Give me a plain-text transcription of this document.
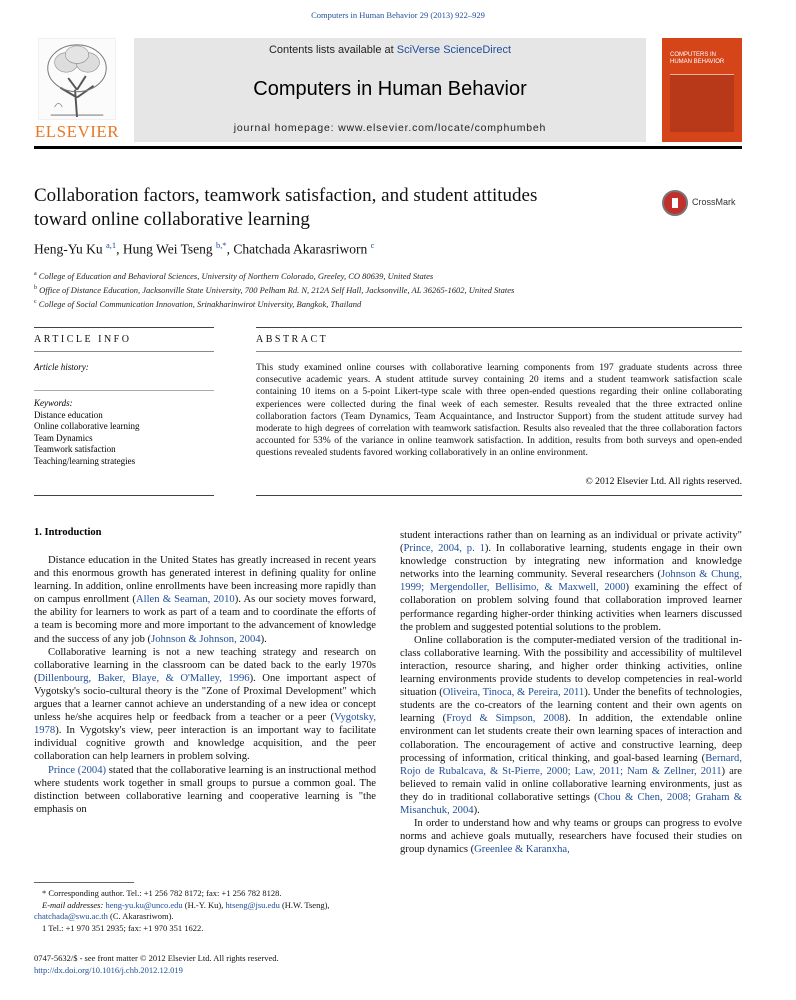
Computers in Human Behavior 29 (2013) 922–929
ELSEVIER
Contents lists available at SciVerse ScienceDirect
Computers in Human Behavior
journal homepage: www.elsevier.com/locate/comphumbeh
COMPUTERS IN
HUMAN BEHAVIOR
Collaboration factors, teamwork satisfaction, and student attitudes
toward online collaborative learning
CrossMark
Heng-Yu Ku $^{a,1}$, Hung Wei Tseng $^{b,*}$, Chatchada Akarasriworn $^c$
$^a$ College of Education and Behavioral Sciences, University of Northern Colorado, Greeley, CO 80639, United States
$^b$ Office of Distance Education, Jacksonville State University, 700 Pelham Rd. N, 212A Self Hall, Jacksonville, AL 36265-1602, United States
$^c$ College of Social Communication Innovation, Srinakharinwirot University, Bangkok, Thailand
ARTICLE INFO	ABSTRACT
Article history:
Keywords:
Distance education
Online collaborative learning
Team Dynamics
Teamwork satisfaction
Teaching/learning strategies
This study examined online courses with collaborative learning components from 197 graduate students across three consecutive academic years. A student attitude survey containing 20 items and a student teamwork satisfaction scale containing 10 items on a 5-point Likert-type scale with three open-ended questions regarding their online collaborating experiences were collected during the final week of each semester. Results revealed that the three extracted online collaboration factors (Team Dynamics, Team Acquaintance, and Instructor Support) from the student attitude survey had moderate to high degrees of correlation with teamwork satisfaction. Results also revealed that the three collaboration factors accounted for 53% of the variance in online teamwork satisfaction. In addition, results from both surveys and open-ended questions revealed students favored working collaboratively in an online environment.
© 2012 Elsevier Ltd. All rights reserved.
1. Introduction

Distance education in the United States has greatly increased in recent years and this enormous growth has generated interest in defining quality for online learning. In addition, online enrollments have been increasing more rapidly than on campus enrollment (Allen & Seaman, 2010). As our society moves forward, the ability for learners to work as part of a team and to coordinate the efforts of a team is becoming more and more important to the advancement of knowledge and the success of any job (Johnson & Johnson, 2004).

Collaborative learning is not a new teaching strategy and research on collaborative learning in the classroom can be dated back to the early 1970s (Dillenbourg, Baker, Blaye, & O'Malley, 1996). One important aspect of Vygotsky's socio-cultural theory is the "Zone of Proximal Development" which argues that a learner cannot achieve an understanding of a new idea or concept unless he/she acquires help or feedback from a teacher or a peer (Vygotsky, 1978). In Vygotsky's view, peer interaction is an important way to facilitate individual cognitive growth and knowledge acquisition, and the peer collaboration can help learners in problem solving.

Prince (2004) stated that the collaborative learning is an instructional method where students work together in small groups to pursue a common goal. The distinction between collaborative learning and cooperative learning is "the emphasis on

student interactions rather than on learning as an individual or private activity" (Prince, 2004, p. 1). In collaborative learning, students engage in their own knowledge construction by integrating new information and knowledge networks into the learning community. Several researchers (Johnson & Chung, 1999; Mergendoller, Bellisimo, & Maxwell, 2000) examining the effect of collaboration on problem solving found that collaboration improved learner performance regarding higher-order thinking activities when learners discussed the problem and suggested potential solutions to the problem.

Online collaboration is the computer-mediated version of the traditional in-class collaborative learning. With the possibility and accessibility of multilevel interaction, resource sharing, and higher order thinking activities, online learning environments provide students to develop competencies in real-world situation (Oliveira, Tinoca, & Pereira, 2011). Under the benefits of technologies, students are the co-creators of the learning content and their own agents on learning (Froyd & Simpson, 2008). In addition, the extendable online environment can let students create their own learning spaces of interaction and collaboration. The encouragement of active and constructive learning, deep processing of information, critical thinking, and goal-based learning (Bernard, Rojo de Rubalcava, & St-Pierre, 2000; Law, 2011; Nam & Zellner, 2011) are believed to remain valid in online collaborative learning environments, just as they do in traditional collaborative settings (Chou & Chen, 2008; Graham & Misanchuk, 2004).

In order to understand how and why teams or groups can progress to evolve norms and achieve goals mutually, researchers have focused their studies on group dynamics (Greenlee & Karanxha,

* Corresponding author. Tel.: +1 256 782 8172; fax: +1 256 782 8128.

E-mail addresses: heng-yu.ku@unco.edu (H.-Y. Ku), htseng@jsu.edu (H.W. Tseng), chatchada@swu.ac.th (C. Akarasriwom).

1 Tel.: +1 970 351 2935; fax: +1 970 351 1622.

0747-5632/$ - see front matter © 2012 Elsevier Ltd. All rights reserved.
http://dx.doi.org/10.1016/j.chb.2012.12.019
